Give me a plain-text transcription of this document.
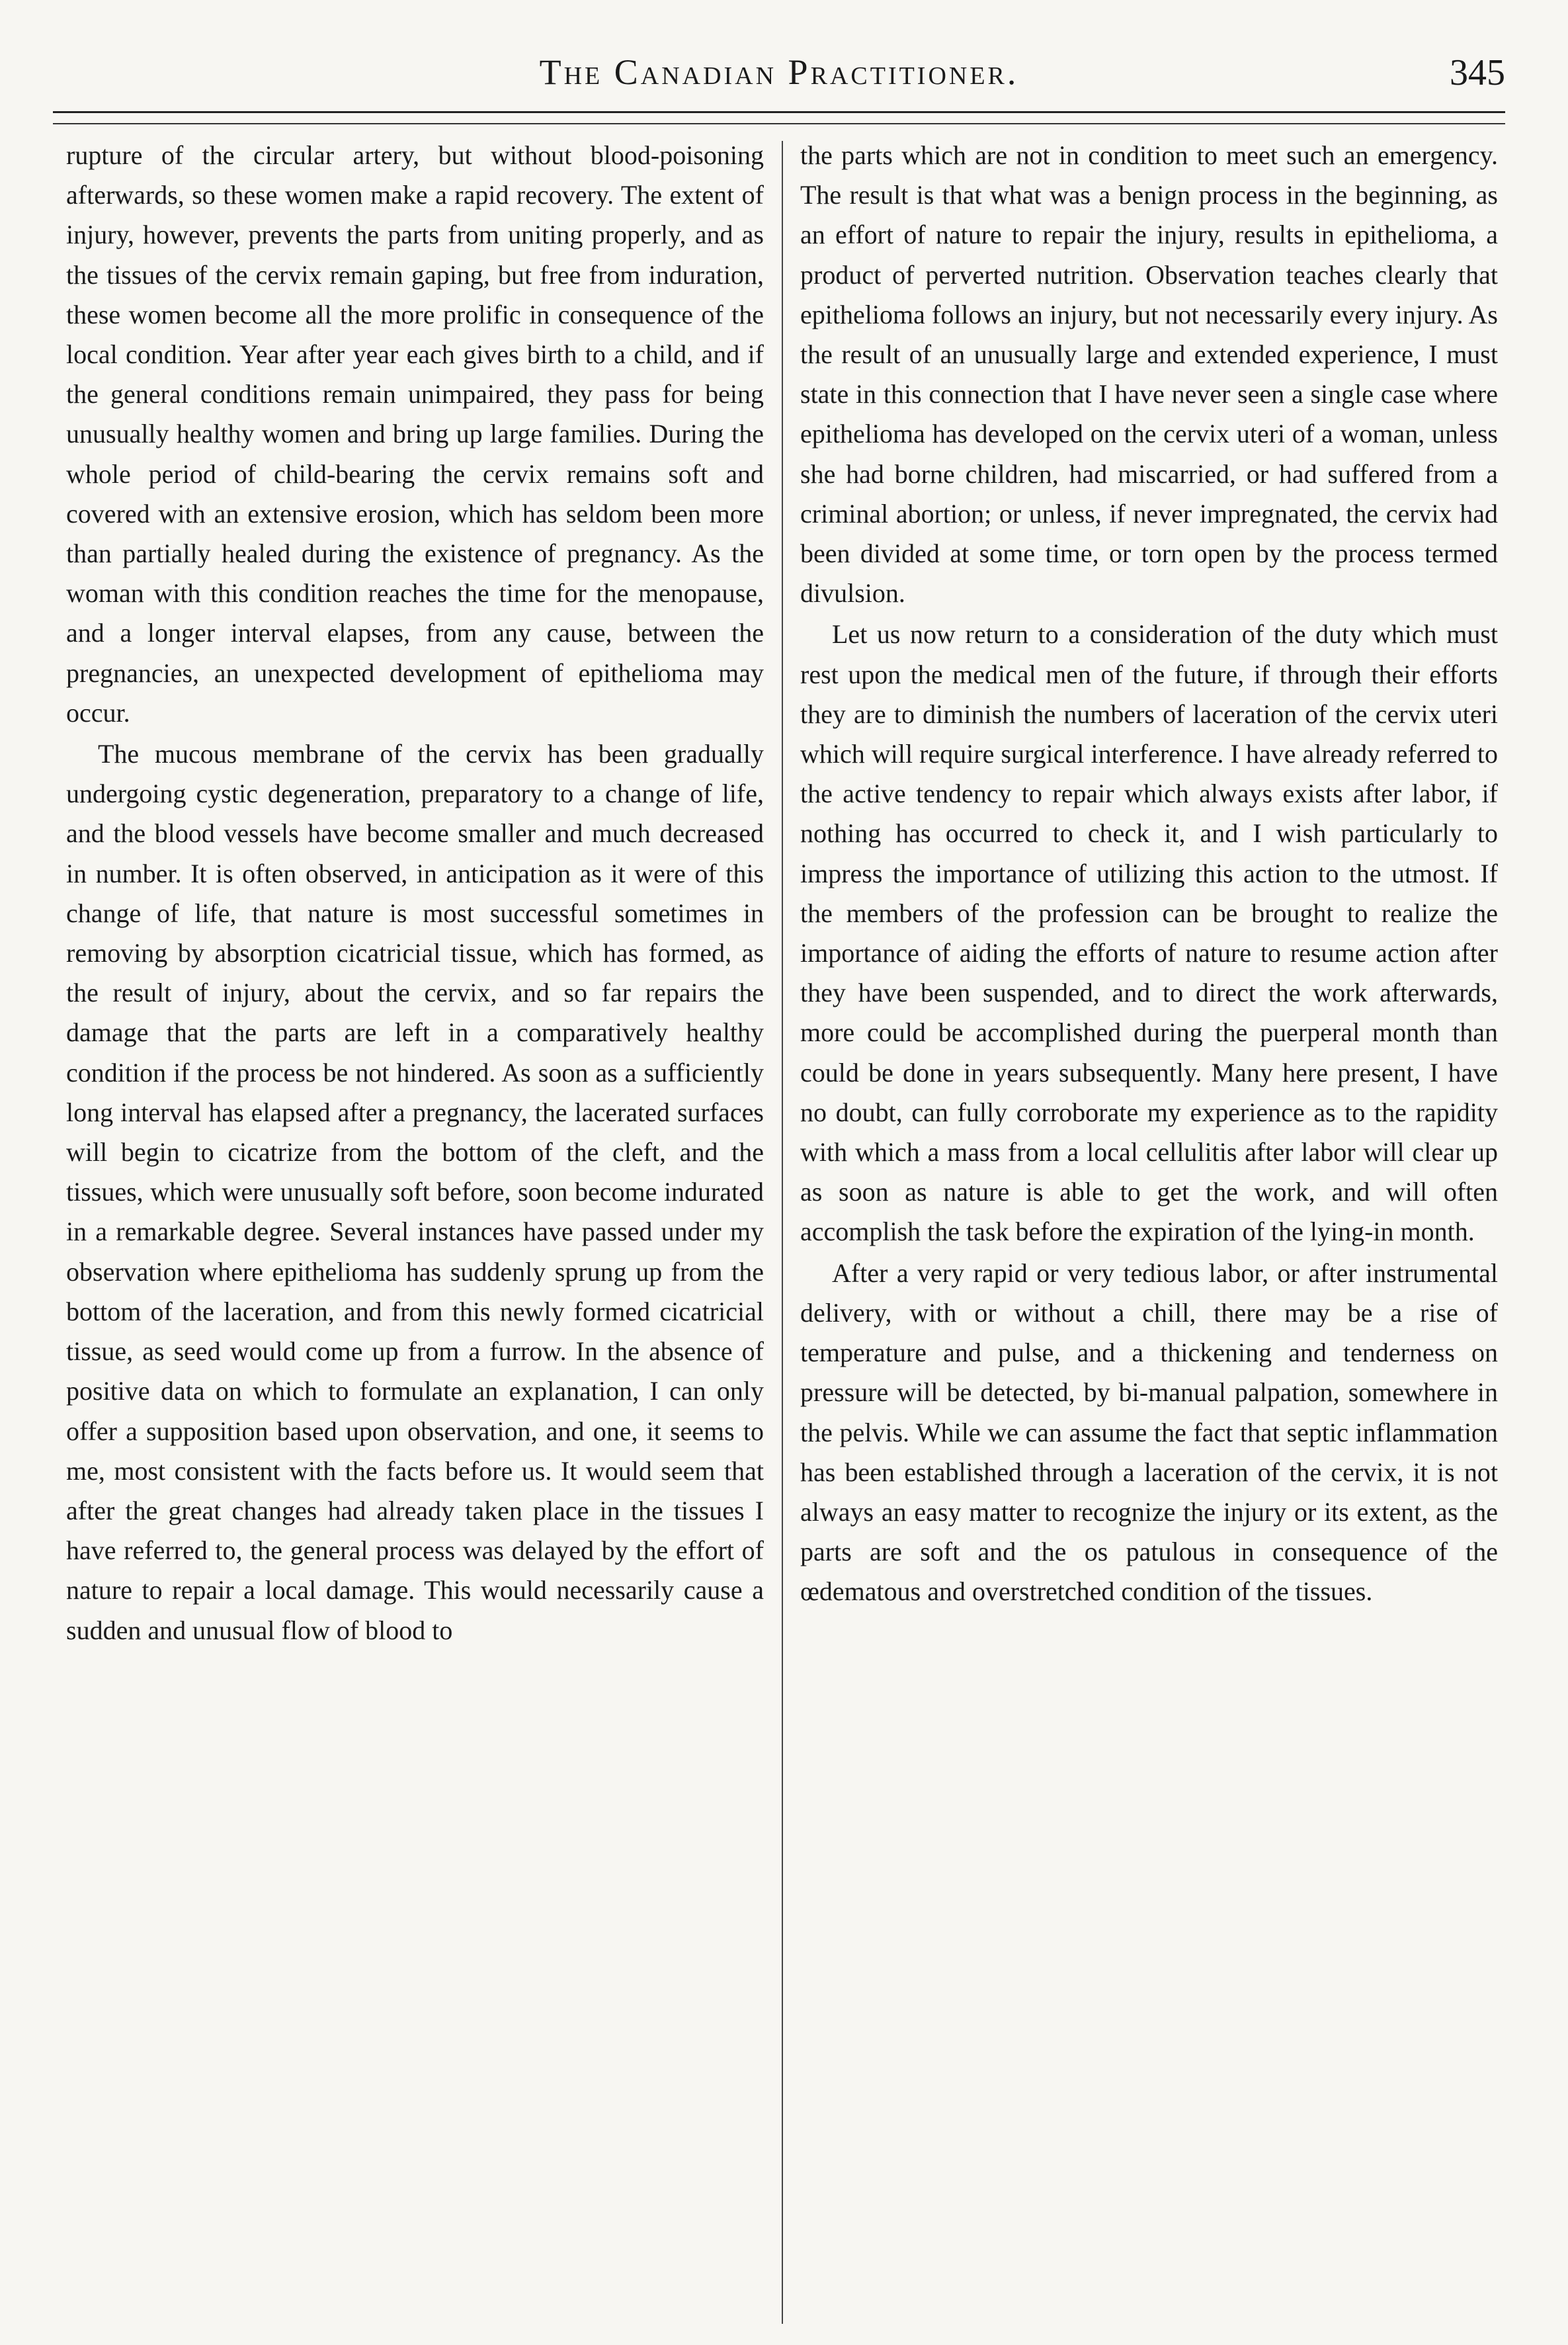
The Canadian Practitioner.	345

rupture of the circular artery, but without blood-poisoning afterwards, so these women make a rapid recovery. The extent of injury, however, prevents the parts from uniting properly, and as the tissues of the cervix remain gaping, but free from induration, these women become all the more prolific in consequence of the local condition. Year after year each gives birth to a child, and if the general conditions remain unimpaired, they pass for being unusually healthy women and bring up large families. During the whole period of child-bearing the cervix remains soft and covered with an extensive erosion, which has seldom been more than partially healed during the existence of pregnancy. As the woman with this condition reaches the time for the menopause, and a longer interval elapses, from any cause, between the pregnancies, an unexpected development of epithelioma may occur.

The mucous membrane of the cervix has been gradually undergoing cystic degeneration, preparatory to a change of life, and the blood vessels have become smaller and much decreased in number. It is often observed, in anticipation as it were of this change of life, that nature is most successful sometimes in removing by absorption cicatricial tissue, which has formed, as the result of injury, about the cervix, and so far repairs the damage that the parts are left in a comparatively healthy condition if the process be not hindered. As soon as a sufficiently long interval has elapsed after a pregnancy, the lacerated surfaces will begin to cicatrize from the bottom of the cleft, and the tissues, which were unusually soft before, soon become indurated in a remarkable degree. Several instances have passed under my observation where epithelioma has suddenly sprung up from the bottom of the laceration, and from this newly formed cicatricial tissue, as seed would come up from a furrow. In the absence of positive data on which to formulate an explanation, I can only offer a supposition based upon observation, and one, it seems to me, most consistent with the facts before us. It would seem that after the great changes had already taken place in the tissues I have referred to, the general process was delayed by the effort of nature to repair a local damage. This would necessarily cause a sudden and unusual flow of blood to

the parts which are not in condition to meet such an emergency. The result is that what was a benign process in the beginning, as an effort of nature to repair the injury, results in epithelioma, a product of perverted nutrition. Observation teaches clearly that epithelioma follows an injury, but not necessarily every injury. As the result of an unusually large and extended experience, I must state in this connection that I have never seen a single case where epithelioma has developed on the cervix uteri of a woman, unless she had borne children, had miscarried, or had suffered from a criminal abortion; or unless, if never impregnated, the cervix had been divided at some time, or torn open by the process termed divulsion.

Let us now return to a consideration of the duty which must rest upon the medical men of the future, if through their efforts they are to diminish the numbers of laceration of the cervix uteri which will require surgical interference. I have already referred to the active tendency to repair which always exists after labor, if nothing has occurred to check it, and I wish particularly to impress the importance of utilizing this action to the utmost. If the members of the profession can be brought to realize the importance of aiding the efforts of nature to resume action after they have been suspended, and to direct the work afterwards, more could be accomplished during the puerperal month than could be done in years subsequently. Many here present, I have no doubt, can fully corroborate my experience as to the rapidity with which a mass from a local cellulitis after labor will clear up as soon as nature is able to get the work, and will often accomplish the task before the expiration of the lying-in month.

After a very rapid or very tedious labor, or after instrumental delivery, with or without a chill, there may be a rise of temperature and pulse, and a thickening and tenderness on pressure will be detected, by bi-manual palpation, somewhere in the pelvis. While we can assume the fact that septic inflammation has been established through a laceration of the cervix, it is not always an easy matter to recognize the injury or its extent, as the parts are soft and the os patulous in consequence of the œdematous and overstretched condition of the tissues.
